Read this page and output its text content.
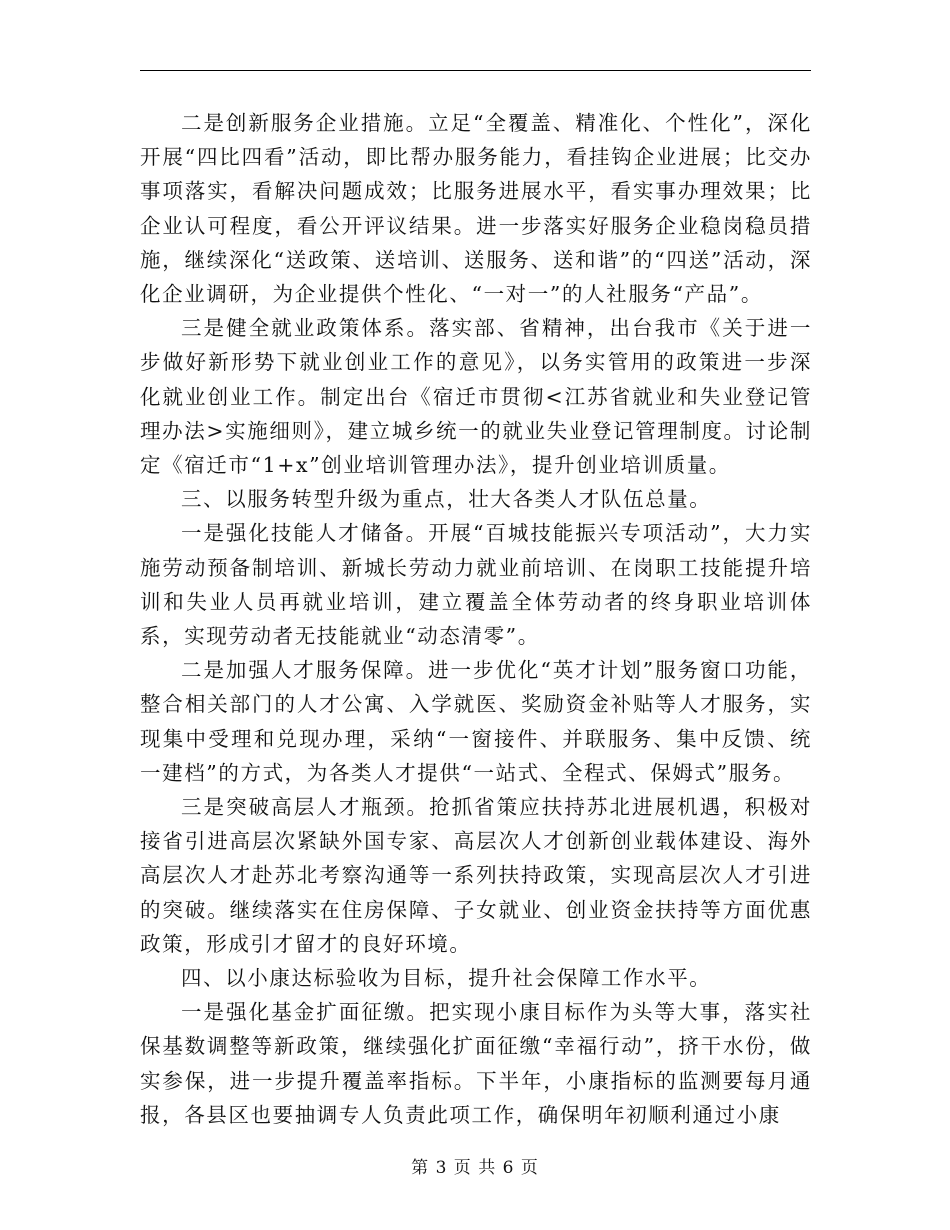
二是创新服务企业措施。立足“全覆盖、精准化、个性化”，深化开展“四比四看”活动，即比帮办服务能力，看挂钩企业进展；比交办事项落实，看解决问题成效；比服务进展水平，看实事办理效果；比企业认可程度，看公开评议结果。进一步落实好服务企业稳岗稳员措施，继续深化“送政策、送培训、送服务、送和谐”的“四送”活动，深化企业调研，为企业提供个性化、“一对一”的人社服务“产品”。

三是健全就业政策体系。落实部、省精神，出台我市《关于进一步做好新形势下就业创业工作的意见》，以务实管用的政策进一步深化就业创业工作。制定出台《宿迁市贯彻<江苏省就业和失业登记管理办法>实施细则》，建立城乡统一的就业失业登记管理制度。讨论制定《宿迁市“1+x”创业培训管理办法》，提升创业培训质量。

三、以服务转型升级为重点，壮大各类人才队伍总量。

一是强化技能人才储备。开展“百城技能振兴专项活动”，大力实施劳动预备制培训、新城长劳动力就业前培训、在岗职工技能提升培训和失业人员再就业培训，建立覆盖全体劳动者的终身职业培训体系，实现劳动者无技能就业“动态清零”。

二是加强人才服务保障。进一步优化“英才计划”服务窗口功能，整合相关部门的人才公寓、入学就医、奖励资金补贴等人才服务，实现集中受理和兑现办理，采纳“一窗接件、并联服务、集中反馈、统一建档”的方式，为各类人才提供“一站式、全程式、保姆式”服务。

三是突破高层人才瓶颈。抢抓省策应扶持苏北进展机遇，积极对接省引进高层次紧缺外国专家、高层次人才创新创业载体建设、海外高层次人才赴苏北考察沟通等一系列扶持政策，实现高层次人才引进的突破。继续落实在住房保障、子女就业、创业资金扶持等方面优惠政策，形成引才留才的良好环境。

四、以小康达标验收为目标，提升社会保障工作水平。

一是强化基金扩面征缴。把实现小康目标作为头等大事，落实社保基数调整等新政策，继续强化扩面征缴“幸福行动”，挤干水份，做实参保，进一步提升覆盖率指标。下半年，小康指标的监测要每月通报，各县区也要抽调专人负责此项工作，确保明年初顺利通过小康

第 3 页 共 6 页
